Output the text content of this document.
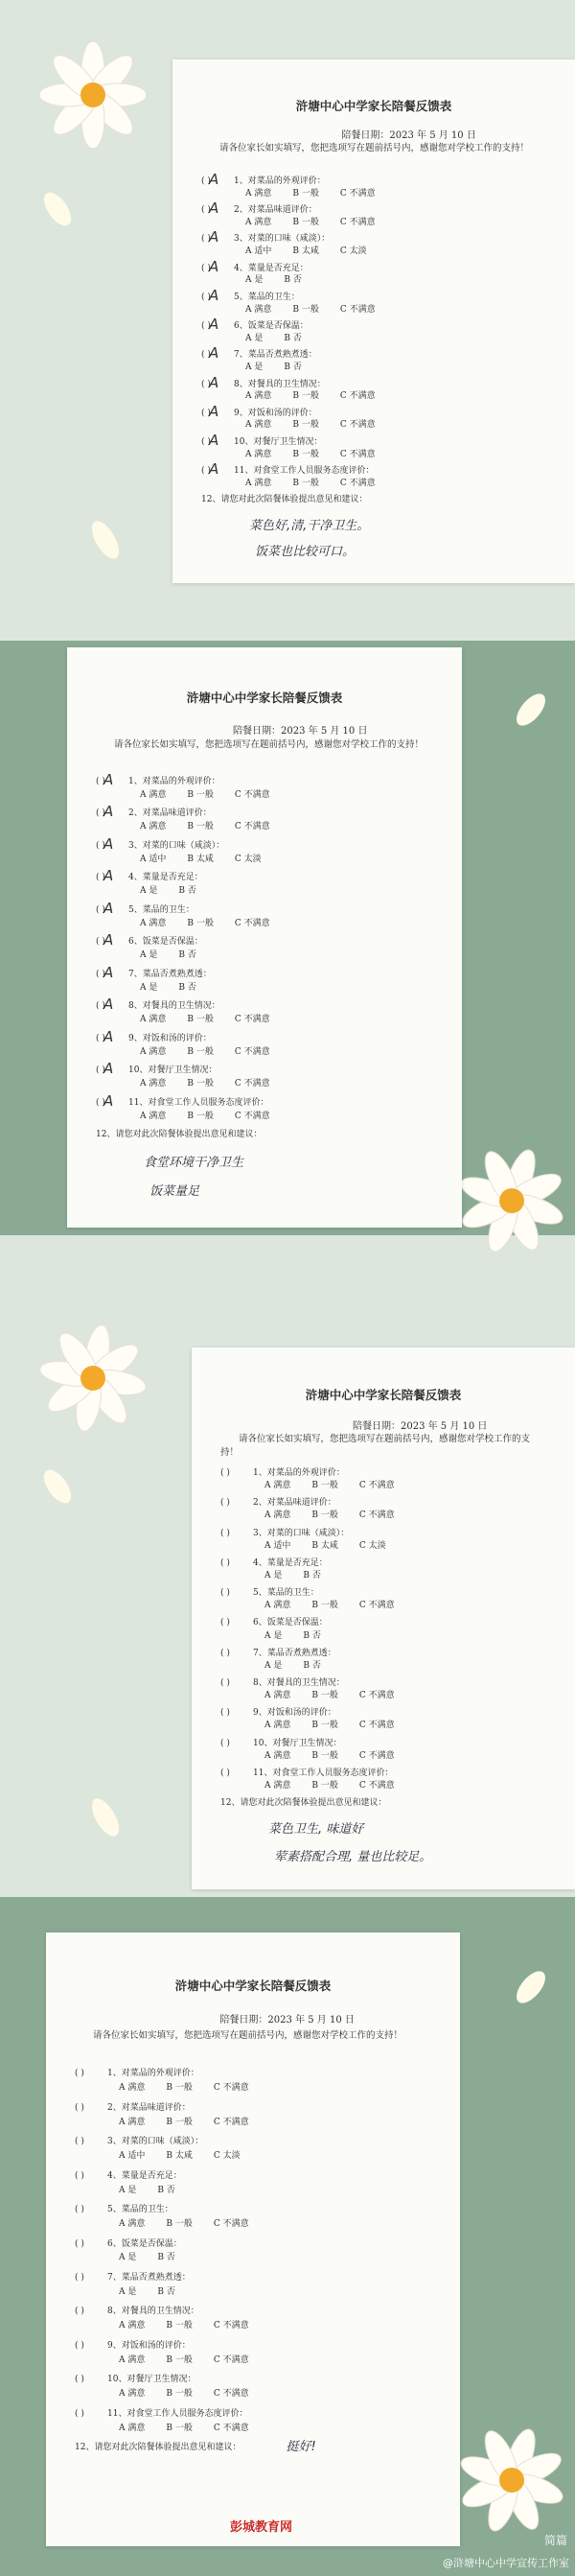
浒塘中心中学家长陪餐反馈表
陪餐日期：2023 年 5 月 10 日
请各位家长如实填写，您把选项写在题前括号内，感谢您对学校工作的支持！
( )
A 1、对菜品的外观评价：
A 满意 B 一般 C 不满意
( )
A 2、对菜品味道评价：
A 满意 B 一般 C 不满意
( )
A 3、对菜的口味（咸淡）：
A 适中 B 太咸 C 太淡
( )
A 4、菜量是否充足：
A 是 B 否
( )
A 5、菜品的卫生：
A 满意 B 一般 C 不满意
( )
A 6、饭菜是否保温：
A 是 B 否
( )
A 7、菜品否煮熟煮透：
A 是 B 否
( )
A 8、对餐具的卫生情况：
A 满意 B 一般 C 不满意
( )
A 9、对饭和汤的评价：
A 满意 B 一般 C 不满意
( )
A 10、对餐厅卫生情况：
A 满意 B 一般 C 不满意
( )
A 11、对食堂工作人员服务态度评价：
A 满意 B 一般 C 不满意
12、请您对此次陪餐体验提出意见和建议：
菜色好,清,干净卫生。
饭菜也比较可口。
浒塘中心中学家长陪餐反馈表
陪餐日期：2023 年 5 月 10 日
请各位家长如实填写，您把选项写在题前括号内，感谢您对学校工作的支持！
( )
A 1、对菜品的外观评价：
A 满意 B 一般 C 不满意
( )
A 2、对菜品味道评价：
A 满意 B 一般 C 不满意
( )
A 3、对菜的口味（咸淡）：
A 适中 B 太咸 C 太淡
( )
A 4、菜量是否充足：
A 是 B 否
( )
A 5、菜品的卫生：
A 满意 B 一般 C 不满意
( )
A 6、饭菜是否保温：
A 是 B 否
( )
A 7、菜品否煮熟煮透：
A 是 B 否
( )
A 8、对餐具的卫生情况：
A 满意 B 一般 C 不满意
( )
A 9、对饭和汤的评价：
A 满意 B 一般 C 不满意
( )
A 10、对餐厅卫生情况：
A 满意 B 一般 C 不满意
( )
A 11、对食堂工作人员服务态度评价：
A 满意 B 一般 C 不满意
12、请您对此次陪餐体验提出意见和建议：
食堂环境干净卫生
饭菜量足
浒塘中心中学家长陪餐反馈表
陪餐日期：2023 年 5 月 10 日
请各位家长如实填写，您把选项写在题前括号内，感谢您对学校工作的支持！
( )	1、对菜品的外观评价：
A 满意 B 一般 C 不满意
( )	2、对菜品味道评价：
A 满意 B 一般 C 不满意
( )	3、对菜的口味（咸淡）：
A 适中 B 太咸 C 太淡
( )	4、菜量是否充足：
A 是 B 否
( )	5、菜品的卫生：
A 满意 B 一般 C 不满意
( )	6、饭菜是否保温：
A 是 B 否
( )	7、菜品否煮熟煮透：
A 是 B 否
( )	8、对餐具的卫生情况：
A 满意 B 一般 C 不满意
( )	9、对饭和汤的评价：
A 满意 B 一般 C 不满意
( )	10、对餐厅卫生情况：
A 满意 B 一般 C 不满意
( )	11、对食堂工作人员服务态度评价：
A 满意 B 一般 C 不满意
12、请您对此次陪餐体验提出意见和建议：
菜色卫生, 味道好
荤素搭配合理, 量也比较足。
浒塘中心中学家长陪餐反馈表
陪餐日期：2023 年 5 月 10 日
请各位家长如实填写，您把选项写在题前括号内，感谢您对学校工作的支持！
( )	1、对菜品的外观评价：
A 满意 B 一般 C 不满意
( )	2、对菜品味道评价：
A 满意 B 一般 C 不满意
( )	3、对菜的口味（咸淡）：
A 适中 B 太咸 C 太淡
( )	4、菜量是否充足：
A 是 B 否
( )	5、菜品的卫生：
A 满意 B 一般 C 不满意
( )	6、饭菜是否保温：
A 是 B 否
( )	7、菜品否煮熟煮透：
A 是 B 否
( )	8、对餐具的卫生情况：
A 满意 B 一般 C 不满意
( )	9、对饭和汤的评价：
A 满意 B 一般 C 不满意
( )	10、对餐厅卫生情况：
A 满意 B 一般 C 不满意
( )	11、对食堂工作人员服务态度评价：
A 满意 B 一般 C 不满意
12、请您对此次陪餐体验提出意见和建议：	挺好!
彭城教育网
简篇
@浒塘中心中学宣传工作室
